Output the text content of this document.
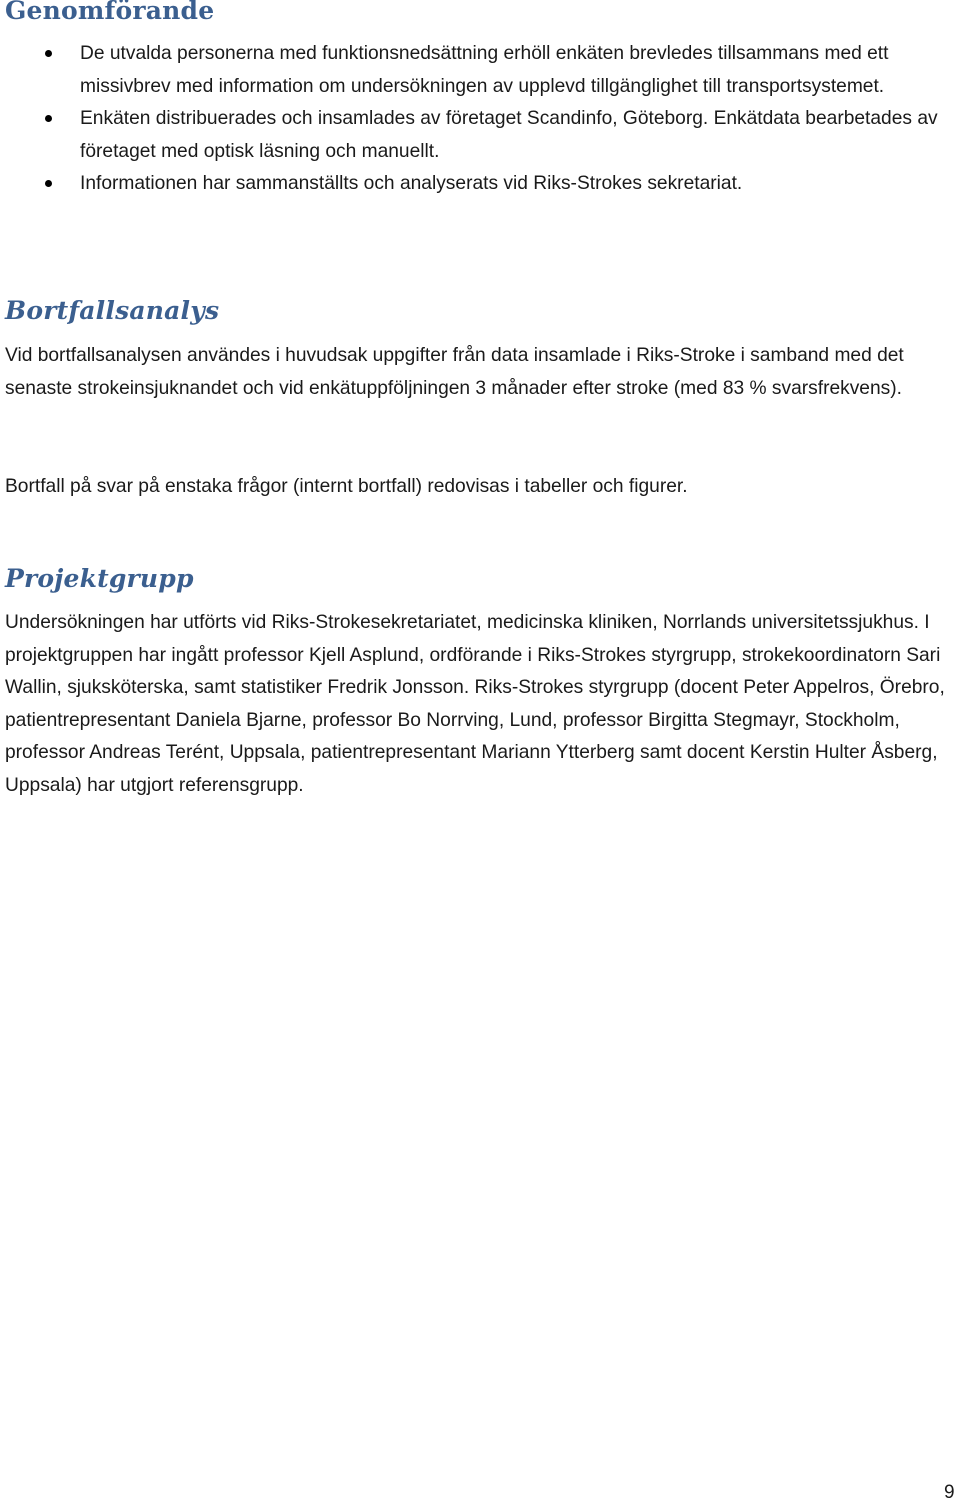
Genomförande
De utvalda personerna med funktionsnedsättning erhöll enkäten brevledes tillsammans med ett missivbrev med information om undersökningen av upplevd tillgänglighet till transportsystemet.
Enkäten distribuerades och insamlades av företaget Scandinfo, Göteborg. Enkätdata bearbetades av företaget med optisk läsning och manuellt.
Informationen har sammanställts och analyserats vid Riks-Strokes sekretariat.
Bortfallsanalys

Vid bortfallsanalysen användes i huvudsak uppgifter från data insamlade i Riks-Stroke i samband med det senaste strokeinsjuknandet och vid enkätuppföljningen 3 månader efter stroke (med 83 % svarsfrekvens).

Bortfall på svar på enstaka frågor (internt bortfall) redovisas i tabeller och figurer.

Projektgrupp

Undersökningen har utförts vid Riks-Strokesekretariatet, medicinska kliniken, Norrlands universitetssjukhus. I projektgruppen har ingått professor Kjell Asplund, ordförande i Riks-Strokes styrgrupp, strokekoordinatorn Sari Wallin, sjuksköterska, samt statistiker Fredrik Jonsson. Riks-Strokes styrgrupp (docent Peter Appelros, Örebro, patientrepresentant Daniela Bjarne, professor Bo Norrving, Lund, professor Birgitta Stegmayr, Stockholm, professor Andreas Terént, Uppsala, patientrepresentant Mariann Ytterberg samt docent Kerstin Hulter Åsberg, Uppsala) har utgjort referensgrupp.

9
